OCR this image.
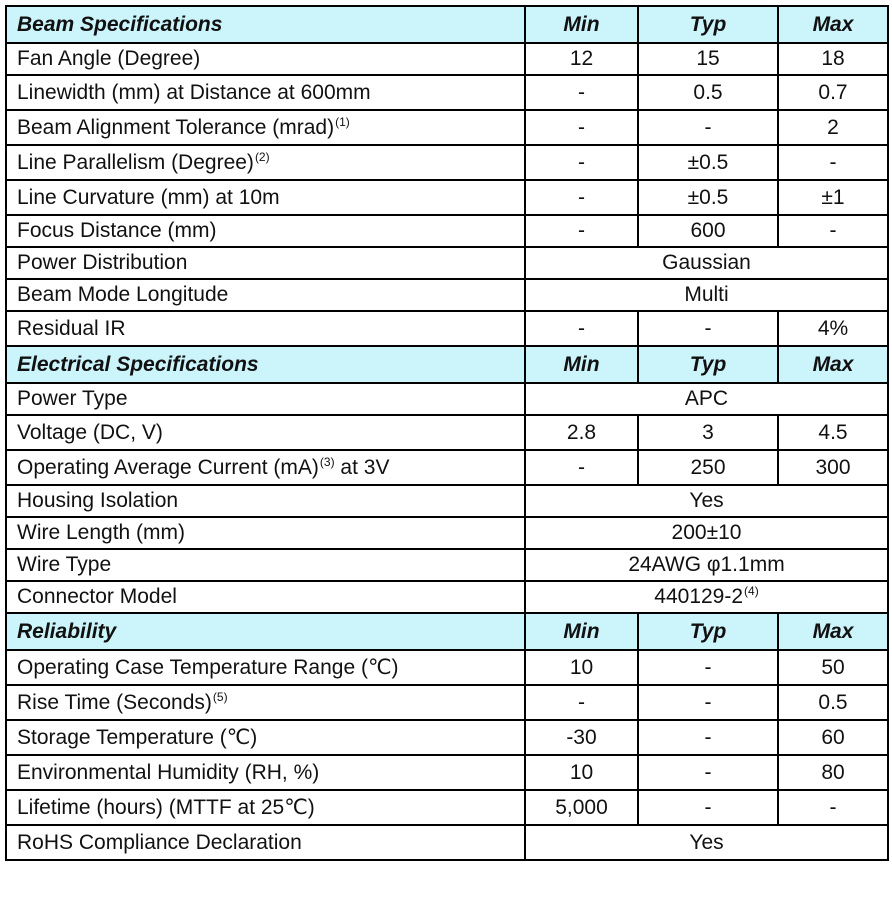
Beam Specifications	Min	Typ	Max
Fan Angle (Degree)	12	15	18
Linewidth (mm) at Distance at 600mm	-	0.5	0.7
Beam Alignment Tolerance (mrad)$^{(1)}$	-	-	2
Line Parallelism (Degree)$^{(2)}$	-	±0.5	-
Line Curvature (mm) at 10m	-	±0.5	±1
Focus Distance (mm)	-	600	-
Power Distribution	Gaussian		
Beam Mode Longitude	Multi		
Residual IR	-	-	4%
Electrical Specifications	Min	Typ	Max
Power Type	APC		
Voltage (DC, V)	2.8	3	4.5
Operating Average Current (mA)$^{(3)}$ at 3V	-	250	300
Housing Isolation	Yes		
Wire Length (mm)	200±10		
Wire Type	24AWG φ1.1mm		
Connector Model	440129-2$^{(4)}$
Reliability	Min	Typ	Max
Operating Case Temperature Range (℃)	10	-	50
Rise Time (Seconds)$^{(5)}$	-	-	0.5
Storage Temperature (℃)	-30	-	60
Environmental Humidity (RH, %)	10	-	80
Lifetime (hours) (MTTF at 25℃)	5,000	-	-
RoHS Compliance Declaration	Yes		
